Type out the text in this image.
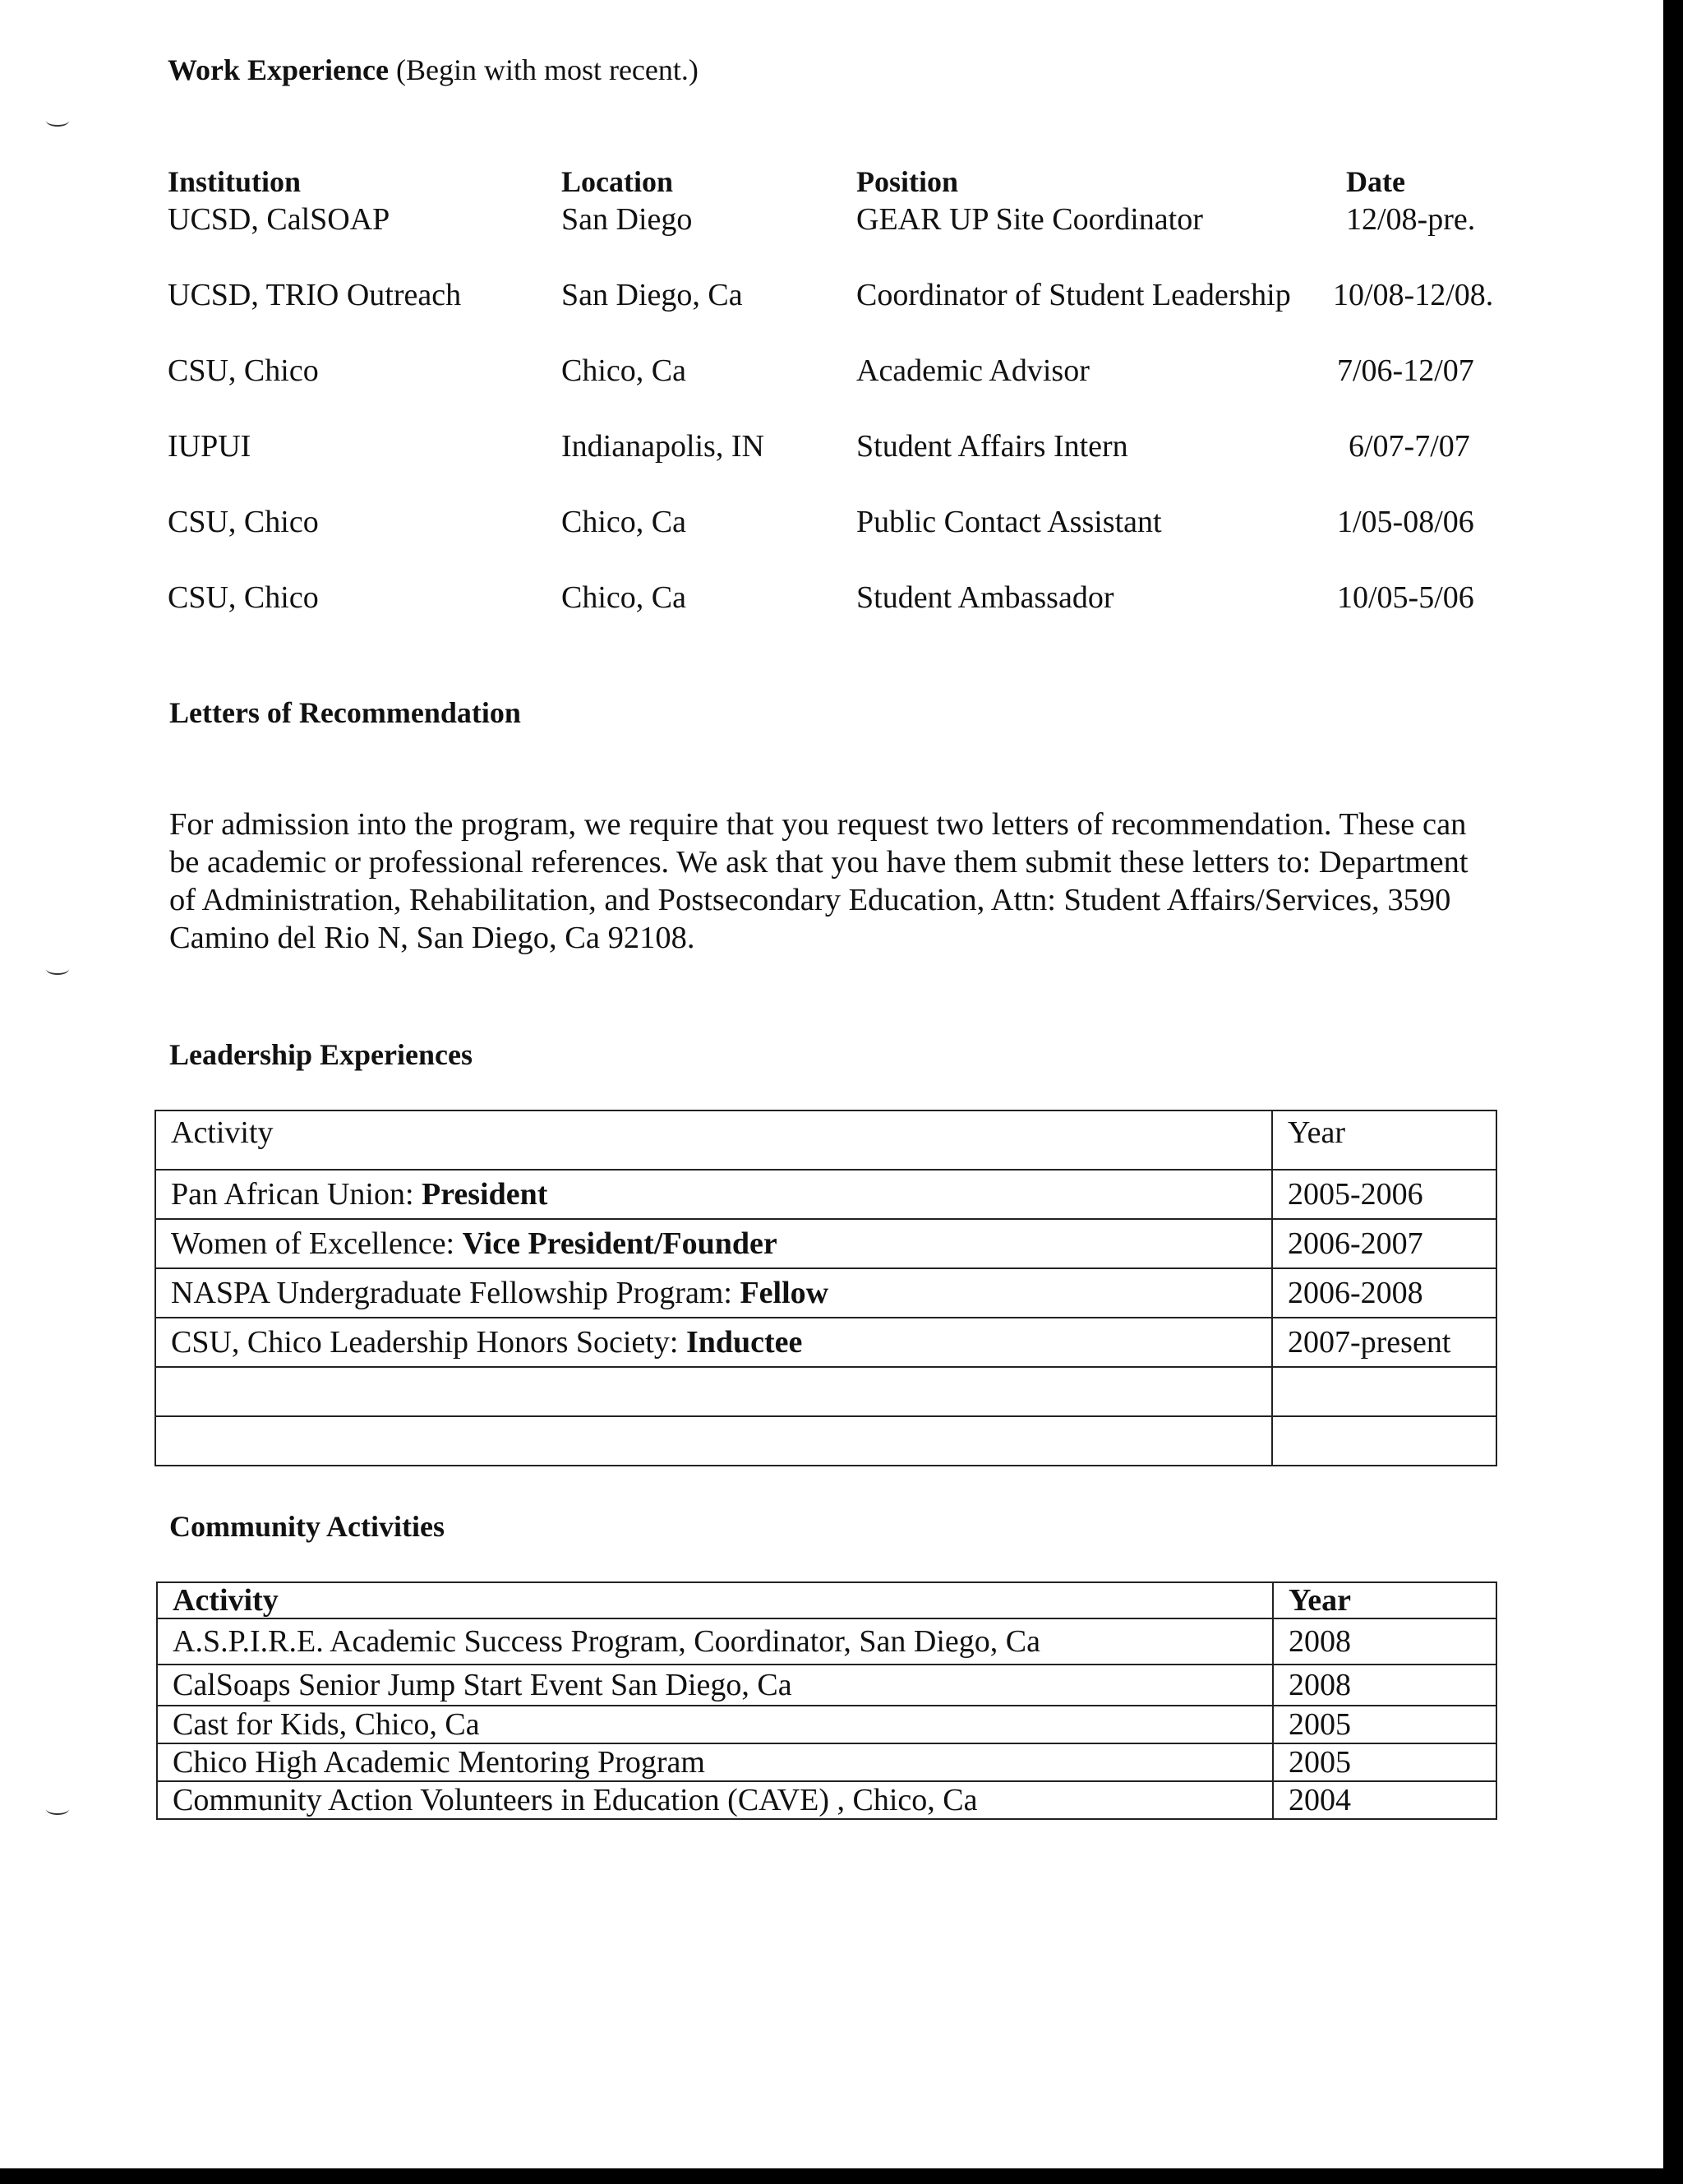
Work Experience (Begin with most recent.)
Institution	Location	Position	Date
UCSD, CalSOAP	San Diego	GEAR UP Site Coordinator	12/08-pre.
UCSD, TRIO Outreach	San Diego, Ca	Coordinator of Student Leadership 10/08-12/08.
CSU, Chico	Chico, Ca	Academic Advisor	7/06-12/07
IUPUI	Indianapolis, IN	Student Affairs Intern	6/07-7/07
CSU, Chico	Chico, Ca	Public Contact Assistant	1/05-08/06
CSU, Chico	Chico, Ca	Student Ambassador	10/05-5/06
Letters of Recommendation
For admission into the program, we require that you request two letters of recommendation. These can
be academic or professional references. We ask that you have them submit these letters to: Department
of Administration, Rehabilitation, and Postsecondary Education, Attn: Student Affairs/Services, 3590
Camino del Rio N, San Diego, Ca 92108.
Leadership Experiences
Activity	Year
Pan African Union: President	2005-2006
Women of Excellence: Vice President/Founder	2006-2007
NASPA Undergraduate Fellowship Program: Fellow	2006-2008
CSU, Chico Leadership Honors Society: Inductee	2007-present

Community Activities
Activity	Year
A.S.P.I.R.E. Academic Success Program, Coordinator, San Diego, Ca	2008
CalSoaps Senior Jump Start Event San Diego, Ca	2008
Cast for Kids, Chico, Ca	2005
Chico High Academic Mentoring Program	2005
Community Action Volunteers in Education (CAVE) , Chico, Ca	2004
